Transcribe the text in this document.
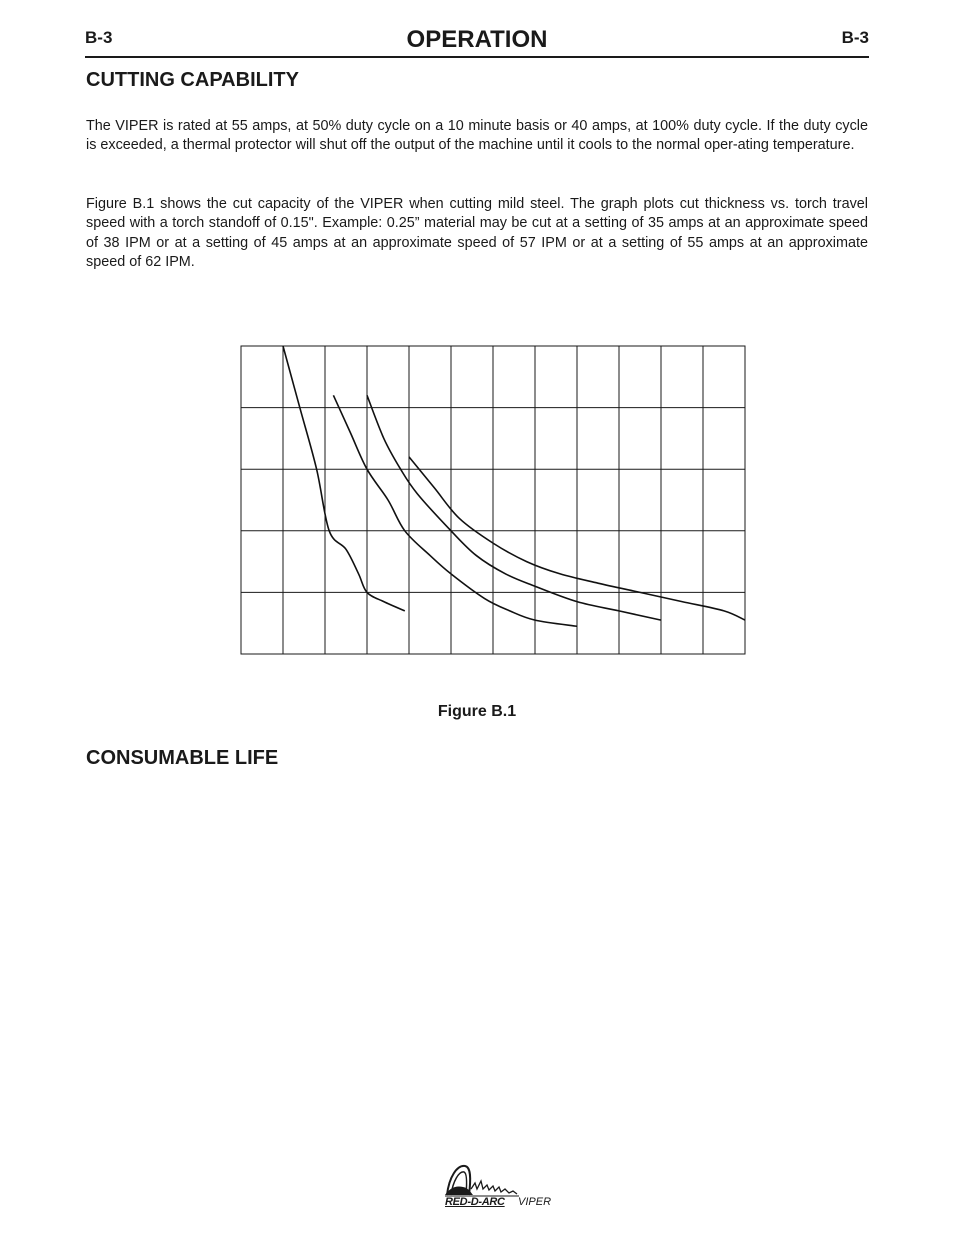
B-3	OPERATION	B-3
CUTTING CAPABILITY

The VIPER is rated at 55 amps, at 50% duty cycle on a 10 minute basis or 40 amps, at 100% duty cycle. If the duty cycle is exceeded, a thermal protector will shut off the output of the machine until it cools to the normal oper-ating temperature.

Figure B.1 shows the cut capacity of the VIPER when cutting mild steel. The graph plots cut thickness vs. torch travel speed with a torch standoff of 0.15". Example: 0.25” material may be cut at a setting of 35 amps at an approximate speed of 38 IPM or at a setting of 45 amps at an approximate speed of 57 IPM or at a setting of 55 amps at an approximate speed of 62 IPM.

Figure B.1
CONSUMABLE LIFE
RED-D-ARC VIPER
